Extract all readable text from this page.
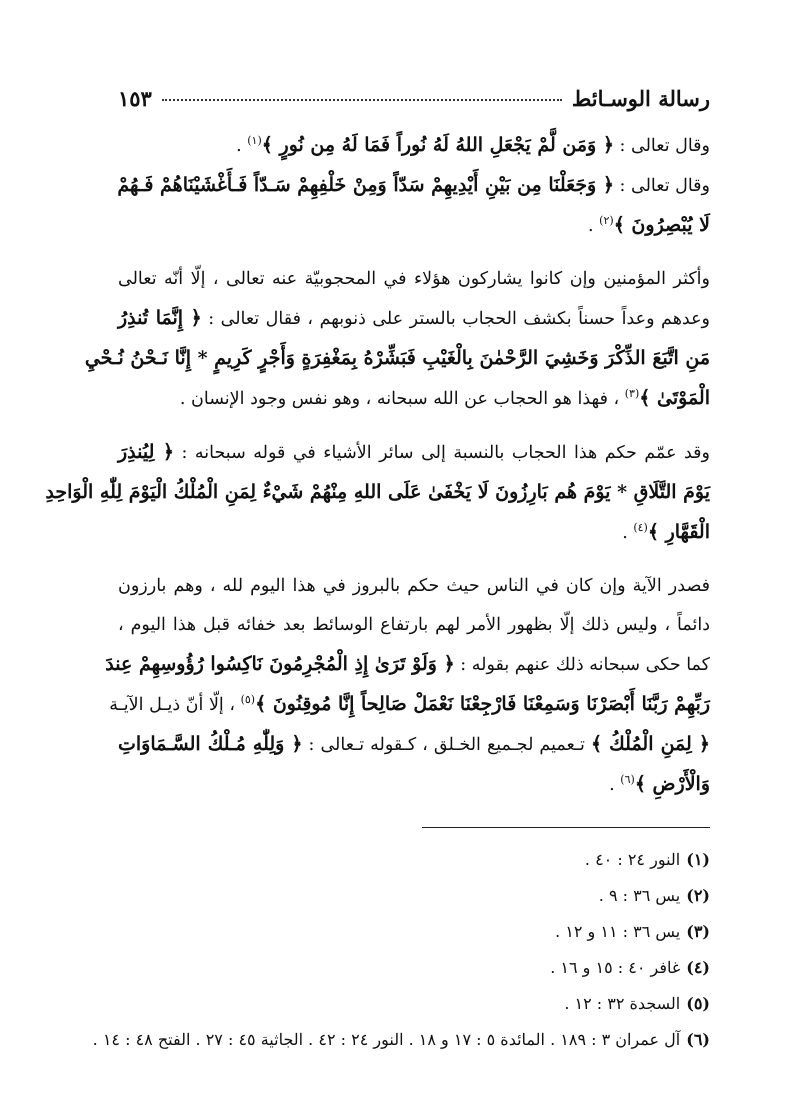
رسالة الوسـائط
١٥٣
وقال تعالى : ﴿ وَمَن لَّمْ يَجْعَلِ اللهُ لَهُ نُوراً فَمَا لَهُ مِن نُورٍ ﴾$^{(١)}$ .
وقال تعالى : ﴿ وَجَعَلْنَا مِن بَيْنِ أَيْدِيهِمْ سَدّاً وَمِنْ خَلْفِهِمْ سَـدّاً فَـأَغْشَيْنَاهُمْ فَـهُمْ
لَا يُبْصِرُونَ ﴾$^{(٢)}$ .
وأكثر المؤمنين وإن كانوا يشاركون هؤلاء في المحجوبيّة عنه تعالى ، إلّا أنّه تعالى
وعدهم وعداً حسناً بكشف الحجاب بالستر على ذنوبهم ، فقال تعالى : ﴿ إِنَّمَا تُنذِرُ
مَنِ اتَّبَعَ الذِّكْرَ وَخَشِيَ الرَّحْمٰنَ بِالْغَيْبِ فَبَشِّرْهُ بِمَغْفِرَةٍ وَأَجْرٍ كَرِيمٍ * إِنَّا نَـحْنُ نُـحْيِ
الْمَوْتَىٰ ﴾$^{(٣)}$ ، فهذا هو الحجاب عن الله سبحانه ، وهو نفس وجود الإنسان .
وقد عمّم حكم هذا الحجاب بالنسبة إلى سائر الأشياء في قوله سبحانه : ﴿ لِيُنذِرَ
يَوْمَ التَّلَاقِ * يَوْمَ هُم بَارِزُونَ لَا يَخْفَىٰ عَلَى اللهِ مِنْهُمْ شَيْءٌ لِمَنِ الْمُلْكُ الْيَوْمَ لِلّٰهِ الْوَاحِدِ
الْقَهَّارِ ﴾$^{(٤)}$ .
فصدر الآية وإن كان في الناس حيث حكم بالبروز في هذا اليوم لله ، وهم بارزون
دائماً ، وليس ذلك إلّا بظهور الأمر لهم بارتفاع الوسائط بعد خفائه قبل هذا اليوم ،
كما حكى سبحانه ذلك عنهم بقوله : ﴿ وَلَوْ تَرَىٰ إِذِ الْمُجْرِمُونَ نَاكِسُوا رُؤُوسِهِمْ عِندَ
رَبِّهِمْ رَبَّنَا أَبْصَرْنَا وَسَمِعْنَا فَارْجِعْنَا نَعْمَلْ صَالِحاً إِنَّا مُوقِنُونَ ﴾$^{(٥)}$ ، إلّا أنّ ذيـل الآيـة
﴿ لِمَنِ الْمُلْكُ ﴾ تـعميم لجـميع الخـلق ، كـقوله تـعالى : ﴿ وَلِلّٰهِ مُـلْكُ السَّـمَاوَاتِ
وَالْأَرْضِ ﴾$^{(٦)}$ .
(١)النور ٢٤ : ٤٠ .
(٢)يس ٣٦ : ٩ .
(٣)يس ٣٦ : ١١ و ١٢ .
(٤)غافر ٤٠ : ١٥ و ١٦ .
(٥)السجدة ٣٢ : ١٢ .
(٦)آل عمران ٣ : ١٨٩ . المائدة ٥ : ١٧ و ١٨ . النور ٢٤ : ٤٢ . الجاثية ٤٥ : ٢٧ . الفتح ٤٨ : ١٤ .
